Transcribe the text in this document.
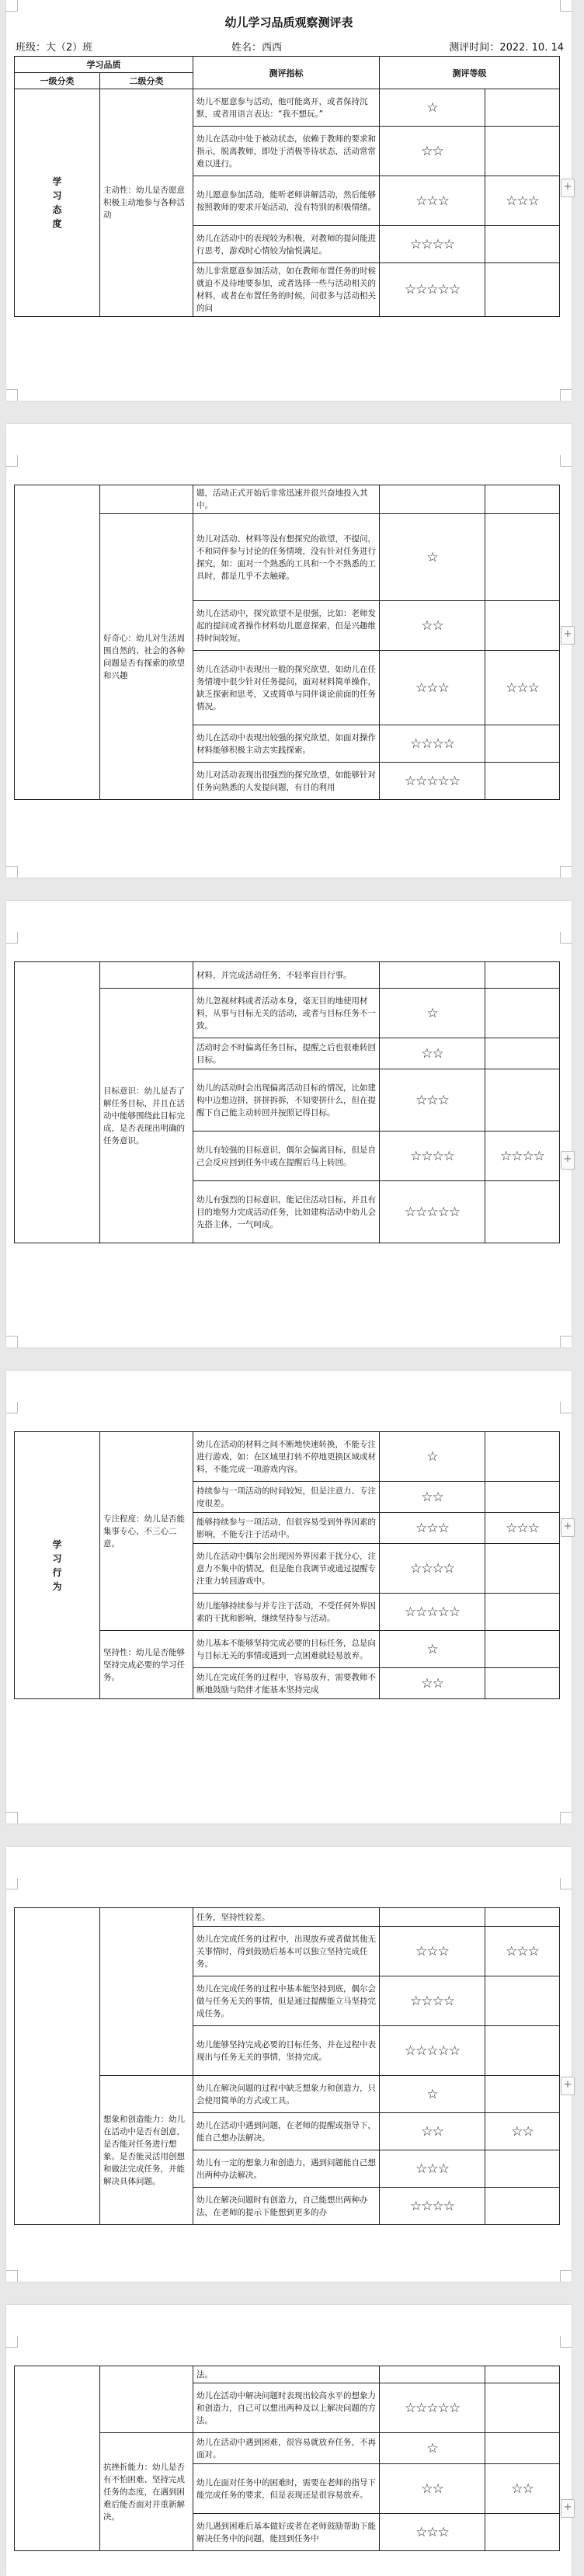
幼儿学习品质观察测评表
班级：大（2）班	姓名：西西	测评时间：2022. 10. 14
学习品质		测评指标	测评等级	
一级分类	二级分类			
学
习
态
度	主动性：幼儿是否愿意积极主动地参与各种活动	幼儿不愿意参与活动，他可能离开，或者保持沉默，或者用语言表达：“我不想玩。”	☆	
		幼儿在活动中处于被动状态，依赖于教师的要求和指示，脱离教师，即处于消极等待状态，活动常常难以进行。	☆☆	
		幼儿愿意参加活动，能听老师讲解活动，然后能够按照教师的要求开始活动，没有特别的积极情绪。	☆☆☆	☆☆☆
		幼儿在活动中的表现较为积极，对教师的提问能进行思考，游戏时心情较为愉悦满足。	☆☆☆☆	
		幼儿非常愿意参加活动，如在教师布置任务的时候就迫不及待地要参加，或者选择一些与活动相关的材料，或者在布置任务的时候，问很多与活动相关的问	☆☆☆☆☆	
+
		题，活动正式开始后非常迅速并很兴奋地投入其中。		
	好奇心：幼儿对生活周围自然的、社会的各种问题是否有探索的欲望和兴趣	幼儿对活动、材料等没有想探究的欲望，不提问，不和同伴参与讨论的任务情境，没有针对任务进行探究，如：面对一个熟悉的工具和一个不熟悉的工具时，都是几乎不去触碰。	☆	
		幼儿在活动中，探究欲望不是很强，比如：老师发起的提问或者操作材料幼儿愿意探索，但是兴趣维持时间较短。	☆☆	
		幼儿在活动中表现出一般的探究欲望，如幼儿在任务情境中很少针对任务提问，面对材料简单操作，缺乏探索和思考，又或简单与同伴谈论前面的任务情况。	☆☆☆	☆☆☆
		幼儿在活动中表现出较强的探究欲望，如面对操作材料能够积极主动去实践探索。	☆☆☆☆	
		幼儿对活动表现出很强烈的探究欲望，如能够针对任务向熟悉的人发提问题，有目的利用	☆☆☆☆☆	
+
		材料，并完成活动任务，不轻率盲目行事。		
	目标意识：幼儿是否了解任务目标，并且在活动中能够围绕此目标完成，是否表现出明确的任务意识。	幼儿忽视材料或者活动本身，毫无目的地使用材料，从事与目标无关的活动，或者与目标任务不一致。	☆	
		活动时会不时偏离任务目标，提醒之后也很难转回目标。	☆☆	
		幼儿的活动时会出现偏离活动目标的情况，比如建构中边想边拼，拼拼拆拆，不知要拼什么，但在提醒下自己能主动转回并按照记得目标。	☆☆☆	
		幼儿有较强的目标意识，偶尔会偏离目标，但是自己会反应回到任务中或在提醒后马上转回。	☆☆☆☆	☆☆☆☆
		幼儿有强烈的目标意识，能记住活动目标，并且有目的地努力完成活动任务，比如建构活动中幼儿会先搭主体，一气呵成。	☆☆☆☆☆	
+
学
习
行
为	专注程度：幼儿是否能集事专心、不三心二意。	幼儿在活动的材料之间不断地快速转换，不能专注进行游戏，如：在区域里打转不停地更换区域或材料，不能完成一项游戏内容。	☆	
		持续参与一项活动的时间较短，但是注意力、专注度很差。	☆☆	
		能够持续参与一项活动，但很容易受到外界因素的影响，不能专注于活动中。	☆☆☆	☆☆☆
		幼儿在活动中偶尔会出现因外界因素干扰分心，注意力不集中的情况，但是能自我调节或通过提醒专注重力转回游戏中。	☆☆☆☆	
		幼儿能够持续参与并专注于活动，不受任何外界因素的干扰和影响，继续坚持参与活动。	☆☆☆☆☆	
	坚持性：幼儿是否能够坚持完成必要的学习任务。	幼儿基本不能够坚持完成必要的目标任务，总是向与目标无关的事情或遇到一点困难就轻易放弃。	☆	
		幼儿在完成任务的过程中，容易放弃，需要教师不断地鼓励与陪伴才能基本坚持完成	☆☆	
+
		任务，坚持性较差。		
		幼儿在完成任务的过程中，出现放弃或者做其他无关事情时，得到鼓励后基本可以独立坚持完成任务。	☆☆☆	☆☆☆
		幼儿在完成任务的过程中基本能坚持到底，偶尔会做与任务无关的事情，但是通过提醒能立马坚持完成任务。	☆☆☆☆	
		幼儿能够坚持完成必要的目标任务，并在过程中表现出与任务无关的事情，坚持完成。	☆☆☆☆☆	
	想象和创造能力：幼儿在活动中是否有创意，是否能对任务进行想象。是否能灵活用创想和做法完成任务，并能解决具体问题。	幼儿在解决问题的过程中缺乏想象力和创造力，只会使用简单的方式或工具。	☆	
		幼儿在活动中遇到问题，在老师的提醒或指导下，能自己想办法解决。	☆☆	☆☆
		幼儿有一定的想象力和创造力，遇到问题能自己想出两种办法解决。	☆☆☆	
		幼儿在解决问题时有创造力，自己能想出两种办法，在老师的提示下能想到更多的办	☆☆☆☆	
+
		法。		
		幼儿在活动中解决问题时表现出较高水平的想象力和创造力，自己可以想出两种及以上解决问题的方法。	☆☆☆☆☆	
	抗挫折能力：幼儿是否有不怕困难、坚持完成任务的态度，在遇到困难后能否面对并重新解决。	幼儿在活动中遇到困难，很容易就放弃任务，不再面对。	☆	
		幼儿在面对任务中的困难时，需要在老师的指导下能完成任务的要求，但是表现还是很容易放弃。	☆☆	☆☆
		幼儿遇到困难后基本做好或者在老师鼓励帮助下能解决任务中的问题，能回到任务中	☆☆☆	
+
